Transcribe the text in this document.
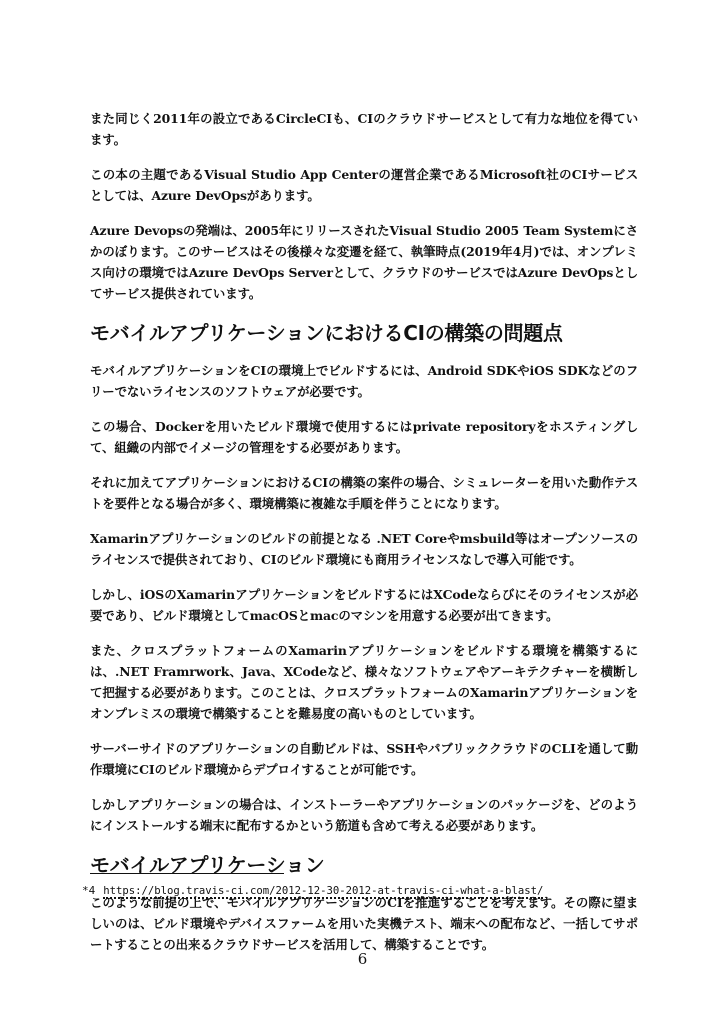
また同じく2011年の設立であるCircleCIも、CIのクラウドサービスとして有力な地位を得ています。

この本の主題であるVisual Studio App Centerの運営企業であるMicrosoft社のCIサービスとしては、Azure DevOpsがあります。

Azure Devopsの発端は、2005年にリリースされたVisual Studio 2005 Team Systemにさかのぼります。このサービスはその後様々な変遷を経て、執筆時点(2019年4月)では、オンプレミス向けの環境ではAzure DevOps Serverとして、クラウドのサービスではAzure DevOpsとしてサービス提供されています。

モバイルアプリケーションにおけるCIの構築の問題点

モバイルアプリケーションをCIの環境上でビルドするには、Android SDKやiOS SDKなどのフリーでないライセンスのソフトウェアが必要です。

この場合、Dockerを用いたビルド環境で使用するにはprivate repositoryをホスティングして、組織の内部でイメージの管理をする必要があります。

それに加えてアプリケーションにおけるCIの構築の案件の場合、シミュレーターを用いた動作テストを要件となる場合が多く、環境構築に複雑な手順を伴うことになります。

Xamarinアプリケーションのビルドの前提となる .NET Coreやmsbuild等はオープンソースのライセンスで提供されており、CIのビルド環境にも商用ライセンスなしで導入可能です。

しかし、iOSのXamarinアプリケーションをビルドするにはXCodeならびにそのライセンスが必要であり、ビルド環境としてmacOSとmacのマシンを用意する必要が出てきます。

また、クロスプラットフォームのXamarinアプリケーションをビルドする環境を構築するには、.NET Framrwork、Java、XCodeなど、様々なソフトウェアやアーキテクチャーを横断して把握する必要があります。このことは、クロスプラットフォームのXamarinアプリケーションをオンプレミスの環境で構築することを難易度の高いものとしています。

サーバーサイドのアプリケーションの自動ビルドは、SSHやパブリッククラウドのCLIを通して動作環境にCIのビルド環境からデプロイすることが可能です。

しかしアプリケーションの場合は、インストーラーやアプリケーションのパッケージを、どのようにインストールする端末に配布するかという筋道も含めて考える必要があります。

モバイルアプリケーション

このような前提の上で、モバイルアプリケーションのCIを推進することを考えます。その際に望ましいのは、ビルド環境やデバイスファームを用いた実機テスト、端末への配布など、一括してサポートすることの出来るクラウドサービスを活用して、構築することです。

*4 https://blog.travis-ci.com/2012-12-30-2012-at-travis-ci-what-a-blast/
6
